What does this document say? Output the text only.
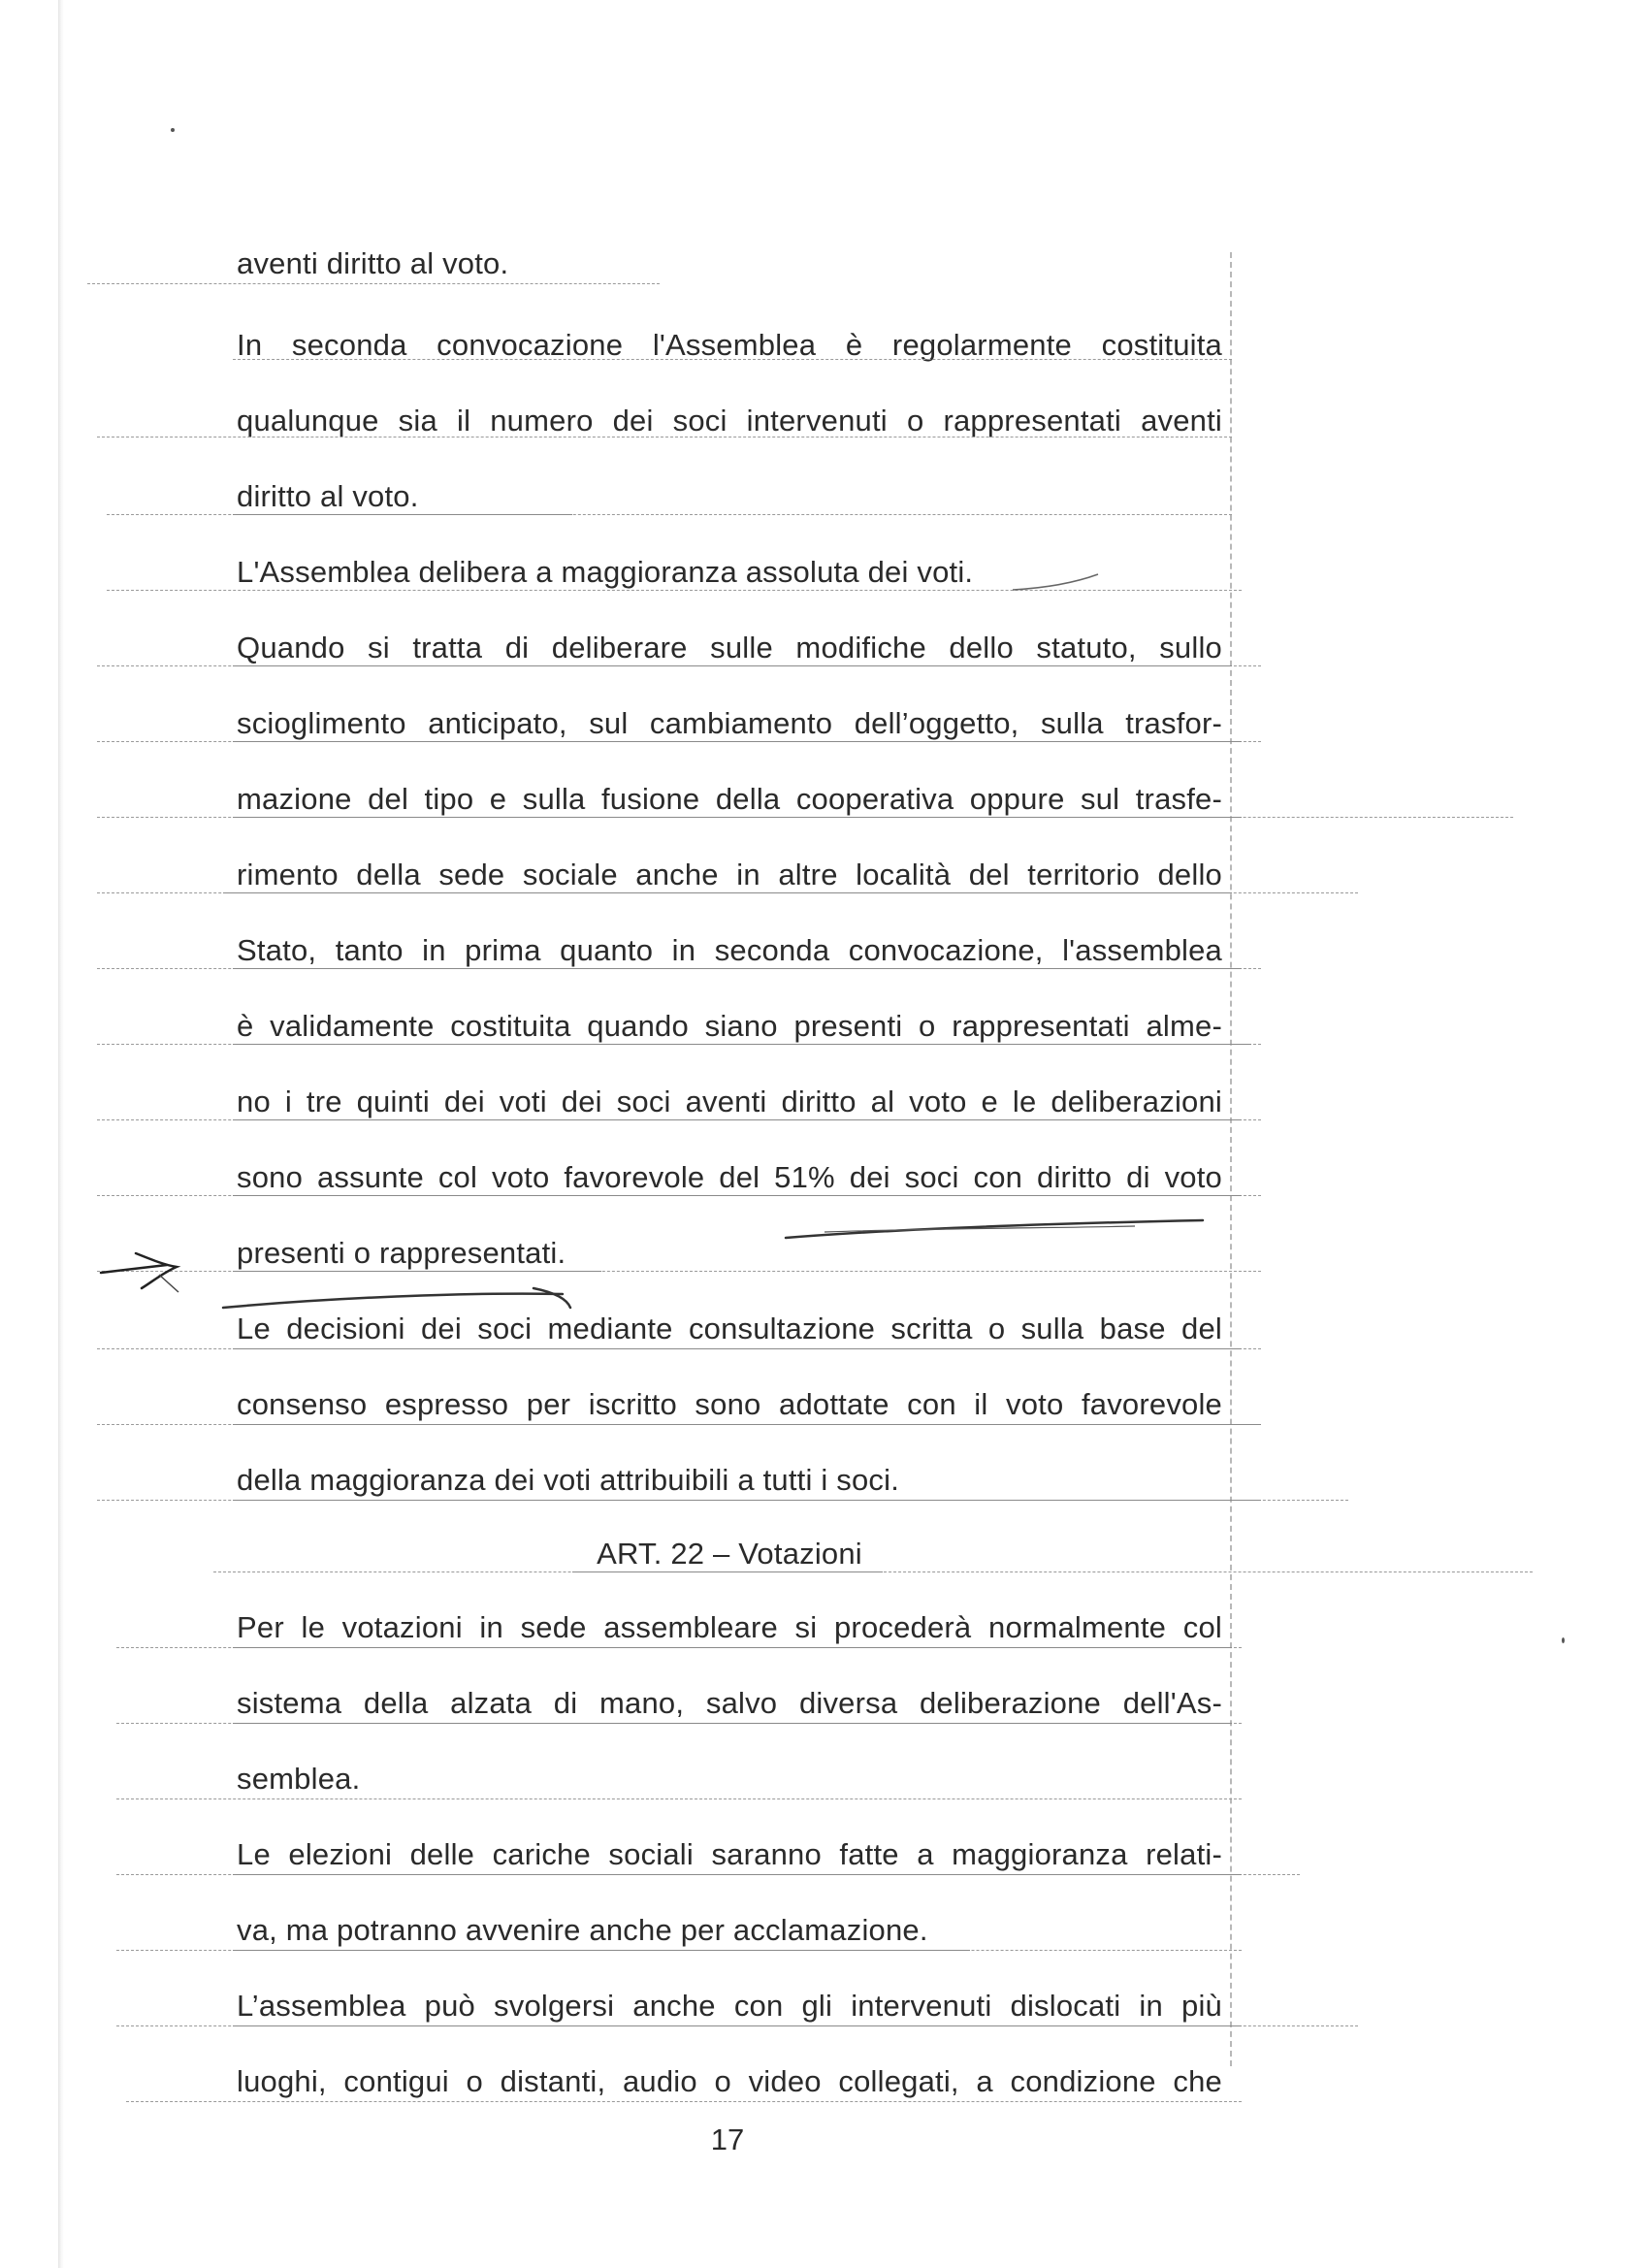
aventi diritto al voto.
In seconda convocazione l'Assemblea è regolarmente costituita
qualunque sia il numero dei soci intervenuti o rappresentati aventi
diritto al voto.
L'Assemblea delibera a maggioranza assoluta dei voti.
Quando si tratta di deliberare sulle modifiche dello statuto, sullo
scioglimento anticipato, sul cambiamento dell’oggetto, sulla trasfor-
mazione del tipo e sulla fusione della cooperativa oppure sul trasfe-
rimento della sede sociale anche in altre località del territorio dello
Stato, tanto in prima quanto in seconda convocazione, l'assemblea
è validamente costituita quando siano presenti o rappresentati alme-
no i tre quinti dei voti dei soci aventi diritto al voto e le deliberazioni
sono assunte col voto favorevole del 51% dei soci con diritto di voto
presenti o rappresentati.
Le decisioni dei soci mediante consultazione scritta o sulla base del
consenso espresso per iscritto sono adottate con il voto favorevole
della maggioranza dei voti attribuibili a tutti i soci.
ART. 22 – Votazioni
Per le votazioni in sede assembleare si procederà normalmente col
sistema della alzata di mano, salvo diversa deliberazione dell'As-
semblea.
Le elezioni delle cariche sociali saranno fatte a maggioranza relati-
va, ma potranno avvenire anche per acclamazione.
L’assemblea può svolgersi anche con gli intervenuti dislocati in più
luoghi, contigui o distanti, audio o video collegati, a condizione che
17
